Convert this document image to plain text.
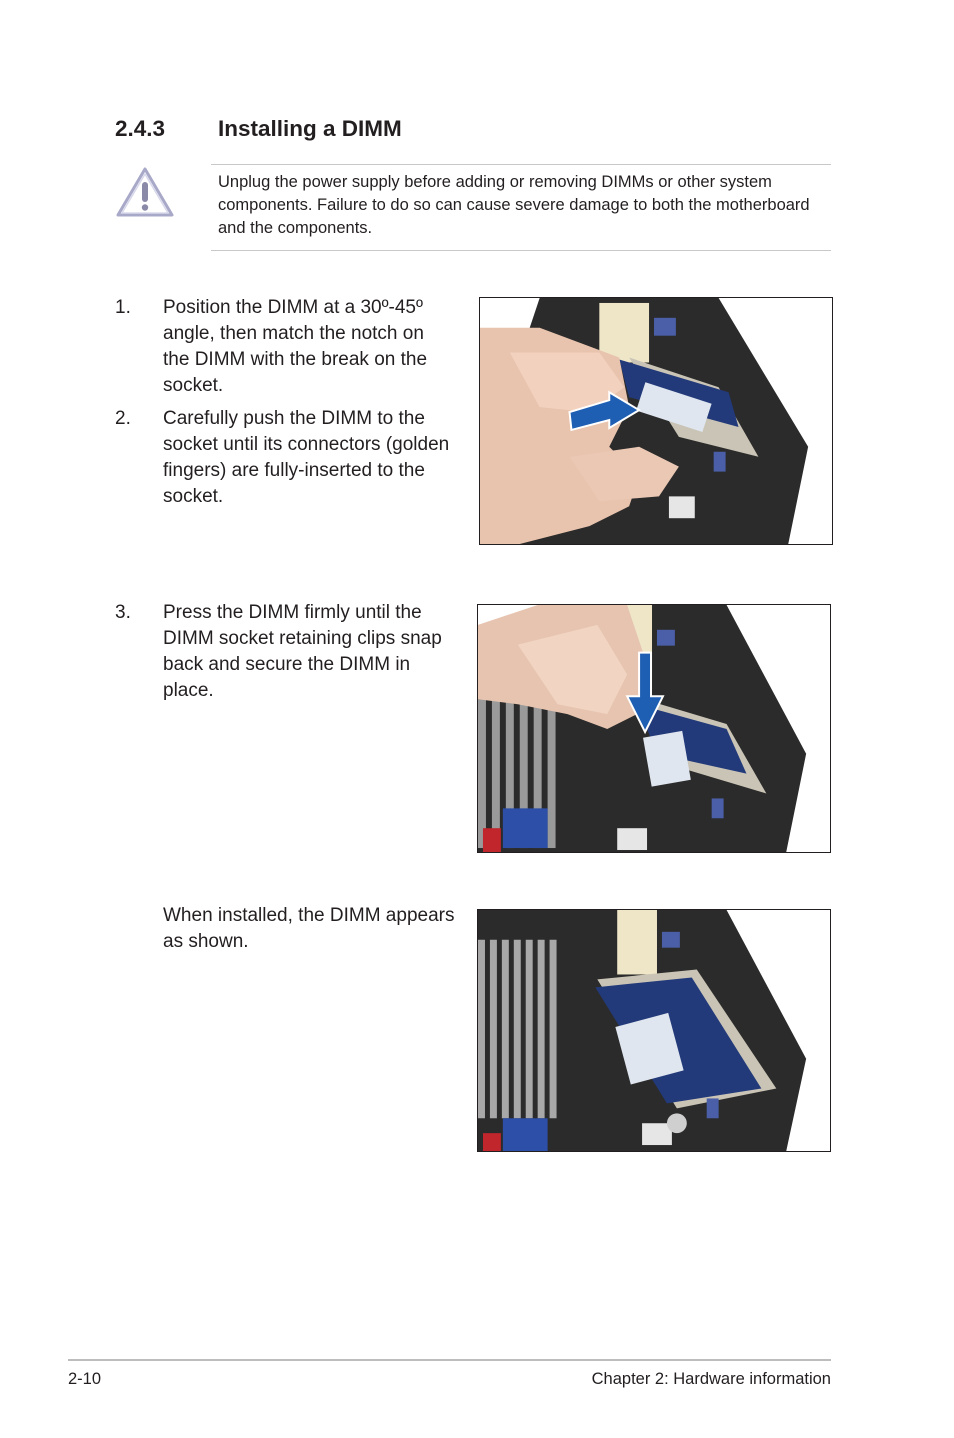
2.4.3 Installing a DIMM
Unplug the power supply before adding or removing DIMMs or other system components. Failure to do so can cause severe damage to both the motherboard and the components.
1. Position the DIMM at a 30º-45º angle, then match the notch on the DIMM with the break on the socket.
2. Carefully push the DIMM to the socket until its connectors (golden fingers) are fully-inserted to the socket.
3. Press the DIMM firmly until the DIMM socket retaining clips snap back and secure the DIMM in place.
When installed, the DIMM appears as shown.
2-10	Chapter 2: Hardware information
